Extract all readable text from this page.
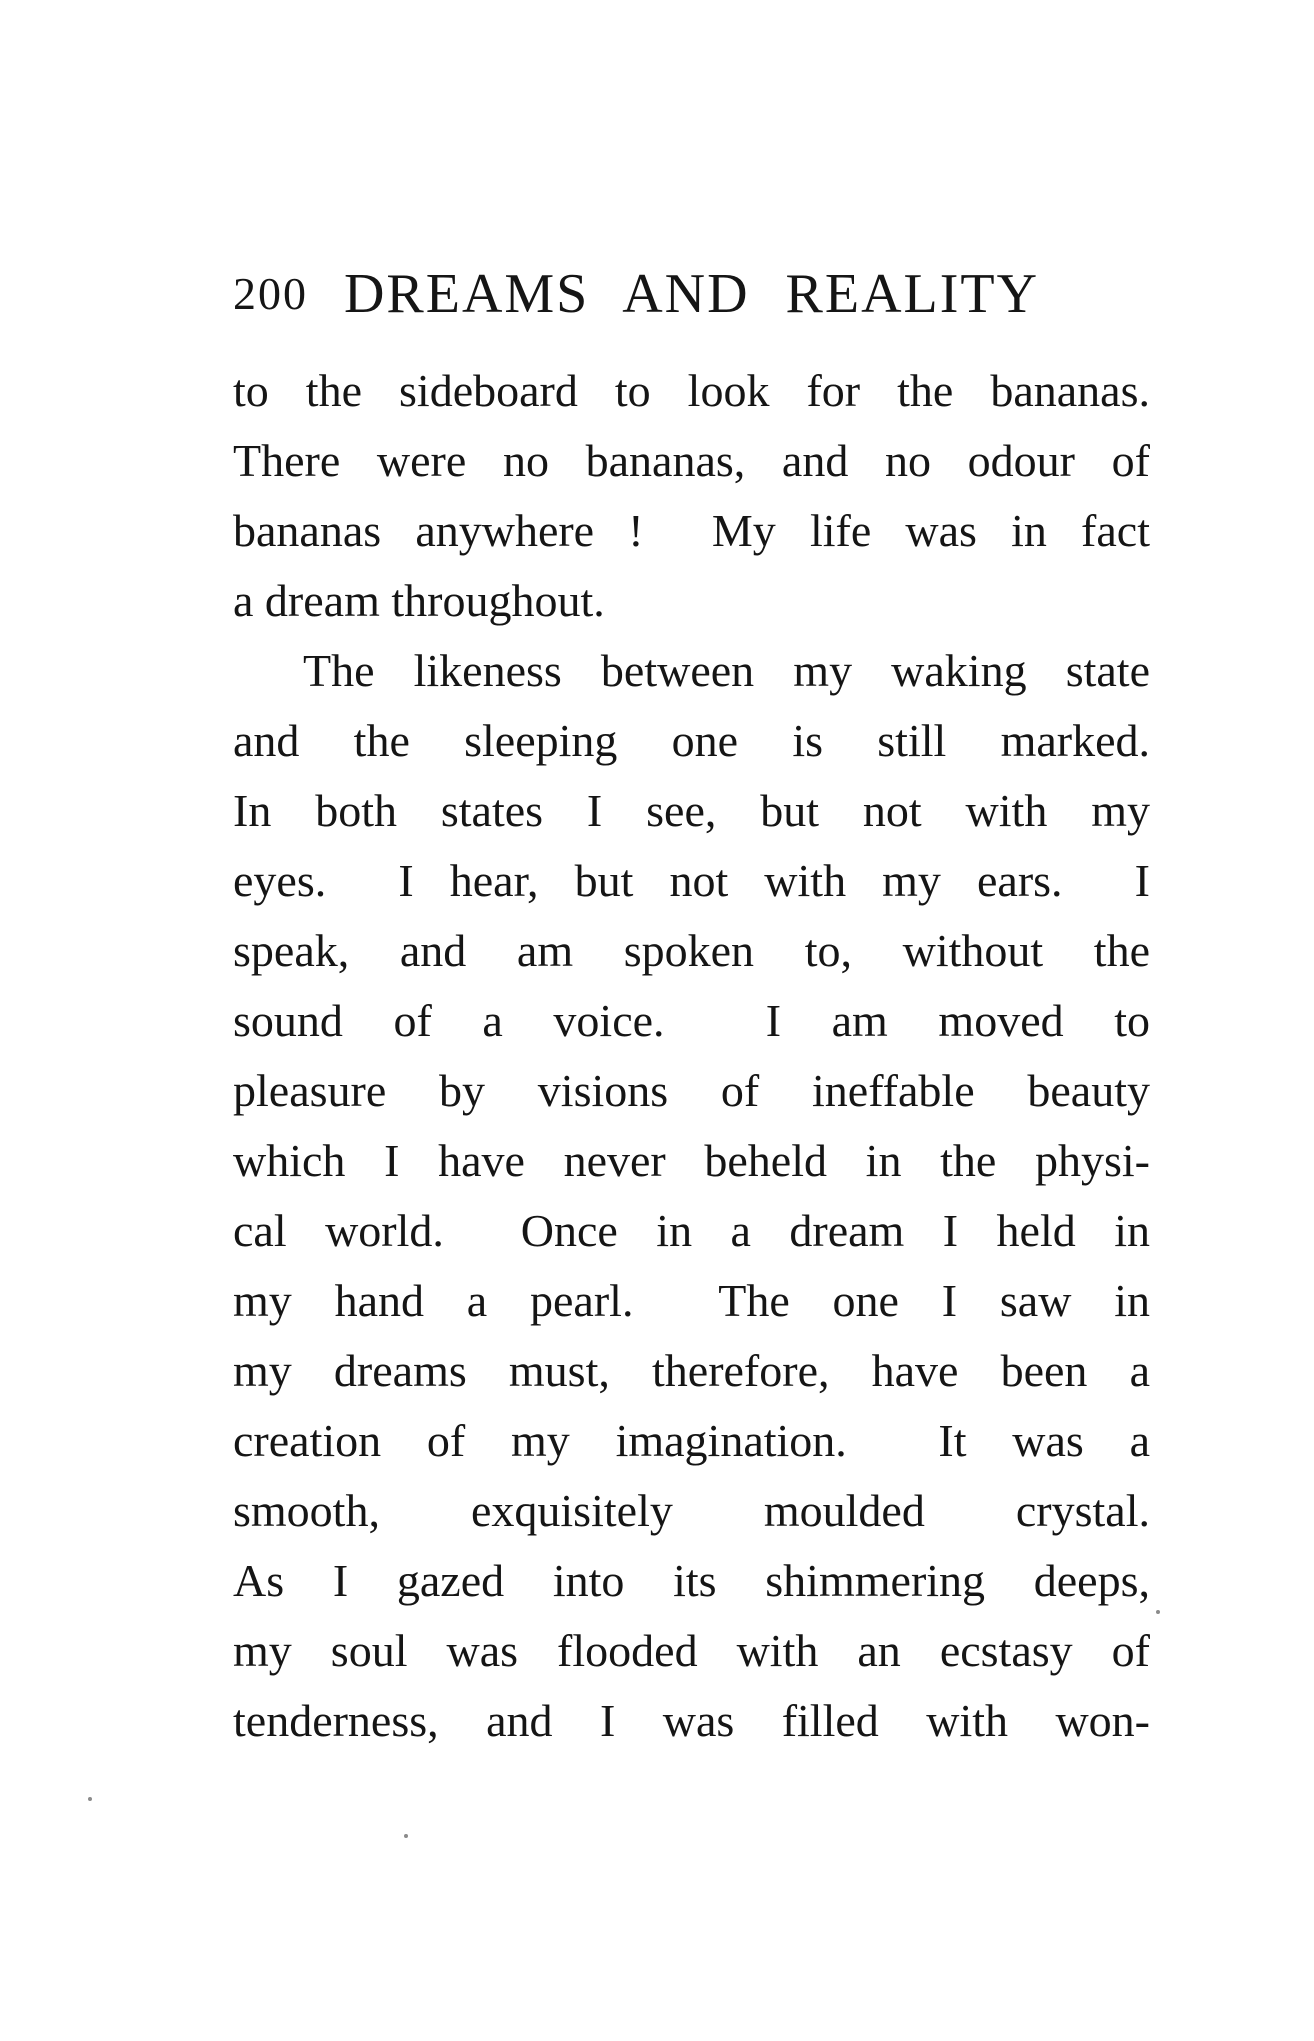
200 DREAMS AND REALITY
to the sideboard to look for the bananas.
There were no bananas, and no odour of
bananas anywhere !  My life was in fact
a dream throughout.
The likeness between my waking state
and the sleeping one is still marked.
In both states I see, but not with my
eyes.  I hear, but not with my ears.  I
speak, and am spoken to, without the
sound of a voice.  I am moved to
pleasure by visions of ineffable beauty
which I have never beheld in the physi-
cal world.  Once in a dream I held in
my hand a pearl.  The one I saw in
my dreams must, therefore, have been a
creation of my imagination.  It was a
smooth, exquisitely moulded crystal.
As I gazed into its shimmering deeps,
my soul was flooded with an ecstasy of
tenderness, and I was filled with won-
